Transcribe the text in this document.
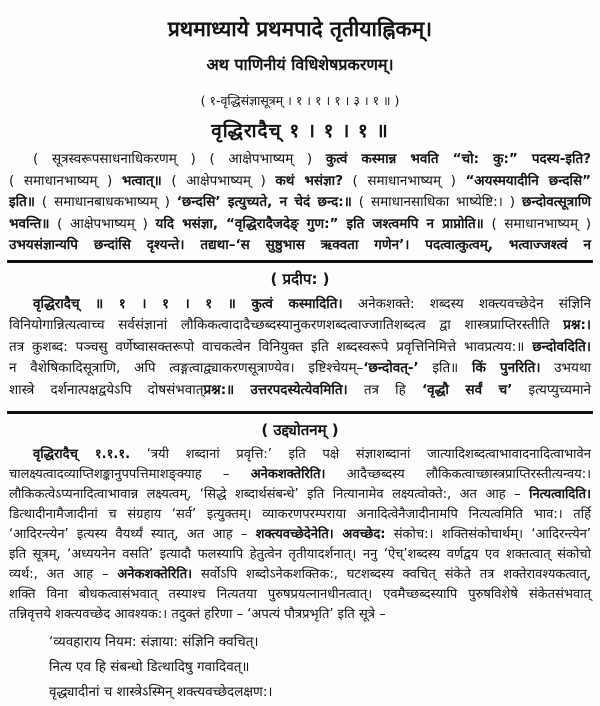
प्रथमाध्याये प्रथमपादे तृतीयाह्निकम्।
अथ पाणिनीयं विधिशेषप्रकरणम्।
( १-वृद्धिसंज्ञासूत्रम् । १ । १ । १ । ३ । १ ॥ )
वृद्धिरादैच् १ । १ । १ ॥
( सूत्रस्वरूपसाधनाधिकरणम् ) ( आक्षेपभाष्यम् ) कुत्वं कस्मान्न भवति “चो: कु:” पदस्य-इति?
( समाधानभाष्यम् ) भत्वात्॥ ( आक्षेपभाष्यम् ) कथं भसंज्ञा? ( समाधानभाष्यम् ) “अयस्मयादीनि छन्दसि”
इति॥ ( समाधानबाधकभाष्यम् ) ‘छन्दसि’ इत्युच्यते, न चेदं छन्द:॥ ( समाधानसाधिका भाष्येष्टि:। ) छन्दोवत्सूत्राणि
भवन्ति॥ ( आक्षेपभाष्यम् ) यदि भसंज्ञा, “वृद्धिरादैजदेङ् गुण:” इति जश्त्वमपि न प्राप्नोति॥ ( समाधानभाष्यम् )
उभयसंज्ञान्यपि छन्दांसि दृश्यन्ते। तद्यथा–‘स सुष्ठुभास ऋक्वता गणेन’। पदत्वात्कुत्वम्, भत्वाज्जश्त्वं न
( प्रदीप: )
वृद्धिरादैच् ॥ १ । १ । १ ॥ कुत्वं कस्मादिति। अनेकशक्ते: शब्दस्य शक्त्यवच्छेदेन संज्ञिनि
विनियोगान्नित्यत्वाच्च सर्वसंज्ञानां लौकिकत्वादादैच्छब्दस्यानुकरणशब्दत्वाज्जातिशब्दत्व द्वा शास्त्रप्राप्तिरस्तीति प्रश्न:।
तत्र कुशब्द: पञ्चसु वर्णेष्वासक्तरूपो वाचकत्वेन विनियुक्त इति शब्दस्वरूपे प्रवृत्तिनिमित्ते भावप्रत्यय:॥ छन्दोवदिति।
न वैशेषिकादिसूत्राणि, अपि त्वङ्गत्वाद्व्याकरणसूत्राण्येव। इष्टिश्चेयम्–‘छन्दोवत्-’ इति॥ किं पुनरिति। उभयथा
शास्त्रे दर्शनात्पक्षद्वयेऽपि दोषसंभवात्प्रश्न:॥ उत्तरपदस्येत्येवमिति। तत्र हि ‘वृद्धौ सर्वं च’ इत्यप्युच्यमाने
( उद्द्योतनम् )
वृद्धिरादैच् १.१.१. ‘त्रयी शब्दानां प्रवृत्ति:’ इति पक्षे संज्ञाशब्दानां जात्यादिशब्दत्वाभावादनादित्वाभावेन
चालक्ष्यत्वादव्याप्तिशङ्कानुपपत्तिमाशङ्क्याह – अनेकशक्तेरिति। आदैच्छब्दस्य लौकिकत्वाच्छास्त्रप्राप्तिरस्तीत्यन्वय:।
लौकिकत्वेऽप्यनादित्वाभावान्न लक्ष्यत्वम्, ‘सिद्धे शब्दार्थसंबन्धे’ इति नित्यानामेव लक्ष्यत्वोक्ते:, अत आह – नित्यत्वादिति।
डित्थादीनामैजादीनां च संग्रहाय ‘सर्व’ इत्युक्तम्। व्याकरणपरम्पराया अनादित्वेनैजादीनामपि नित्यत्वमिति भाव:। तर्हि
‘आदिरन्त्येन’ इत्यस्य वैयर्थ्यं स्यात्, अत आह – शक्त्यवच्छेदेनेति। अवच्छेद: संकोच:। शक्तिसंकोचार्थम्। ‘आदिरन्त्येन’
इति सूत्रम्, ‘अध्ययनेन वसति’ इत्यादौ फलस्यापि हेतुत्वेन तृतीयादर्शनात्। ननु ‘ऐच्’शब्दस्य वर्णद्वय एव शक्तत्वात् संकोचो
व्यर्थ:, अत आह – अनेकशक्तेरिति। सर्वोऽपि शब्दोऽनेकशक्तिक:, घटशब्दस्य क्वचित् संकेते तत्र शक्तेरावश्यकत्वात्,
शक्ति विना बोधकत्वासंभवात् तस्याश्च नित्यतया पुरुषप्रयत्नानधीनत्वात्। एवमैच्छब्दस्यापि पुरुषविशेषे संकेतसंभवात्
तन्निवृत्तये शक्त्यवच्छेद आवश्यक:। तदुक्तं हरिणा – ‘अपत्यं पौत्रप्रभृति’ इति सूत्रे –
‘व्यवहाराय नियम: संज्ञाया: संज्ञिनि क्वचित्।
नित्य एव हि संबन्धो डित्थादिषु गवादिवत्॥
वृद्ध्यादीनां च शास्त्रेऽस्मिन् शक्त्यवच्छेदलक्षण:।
